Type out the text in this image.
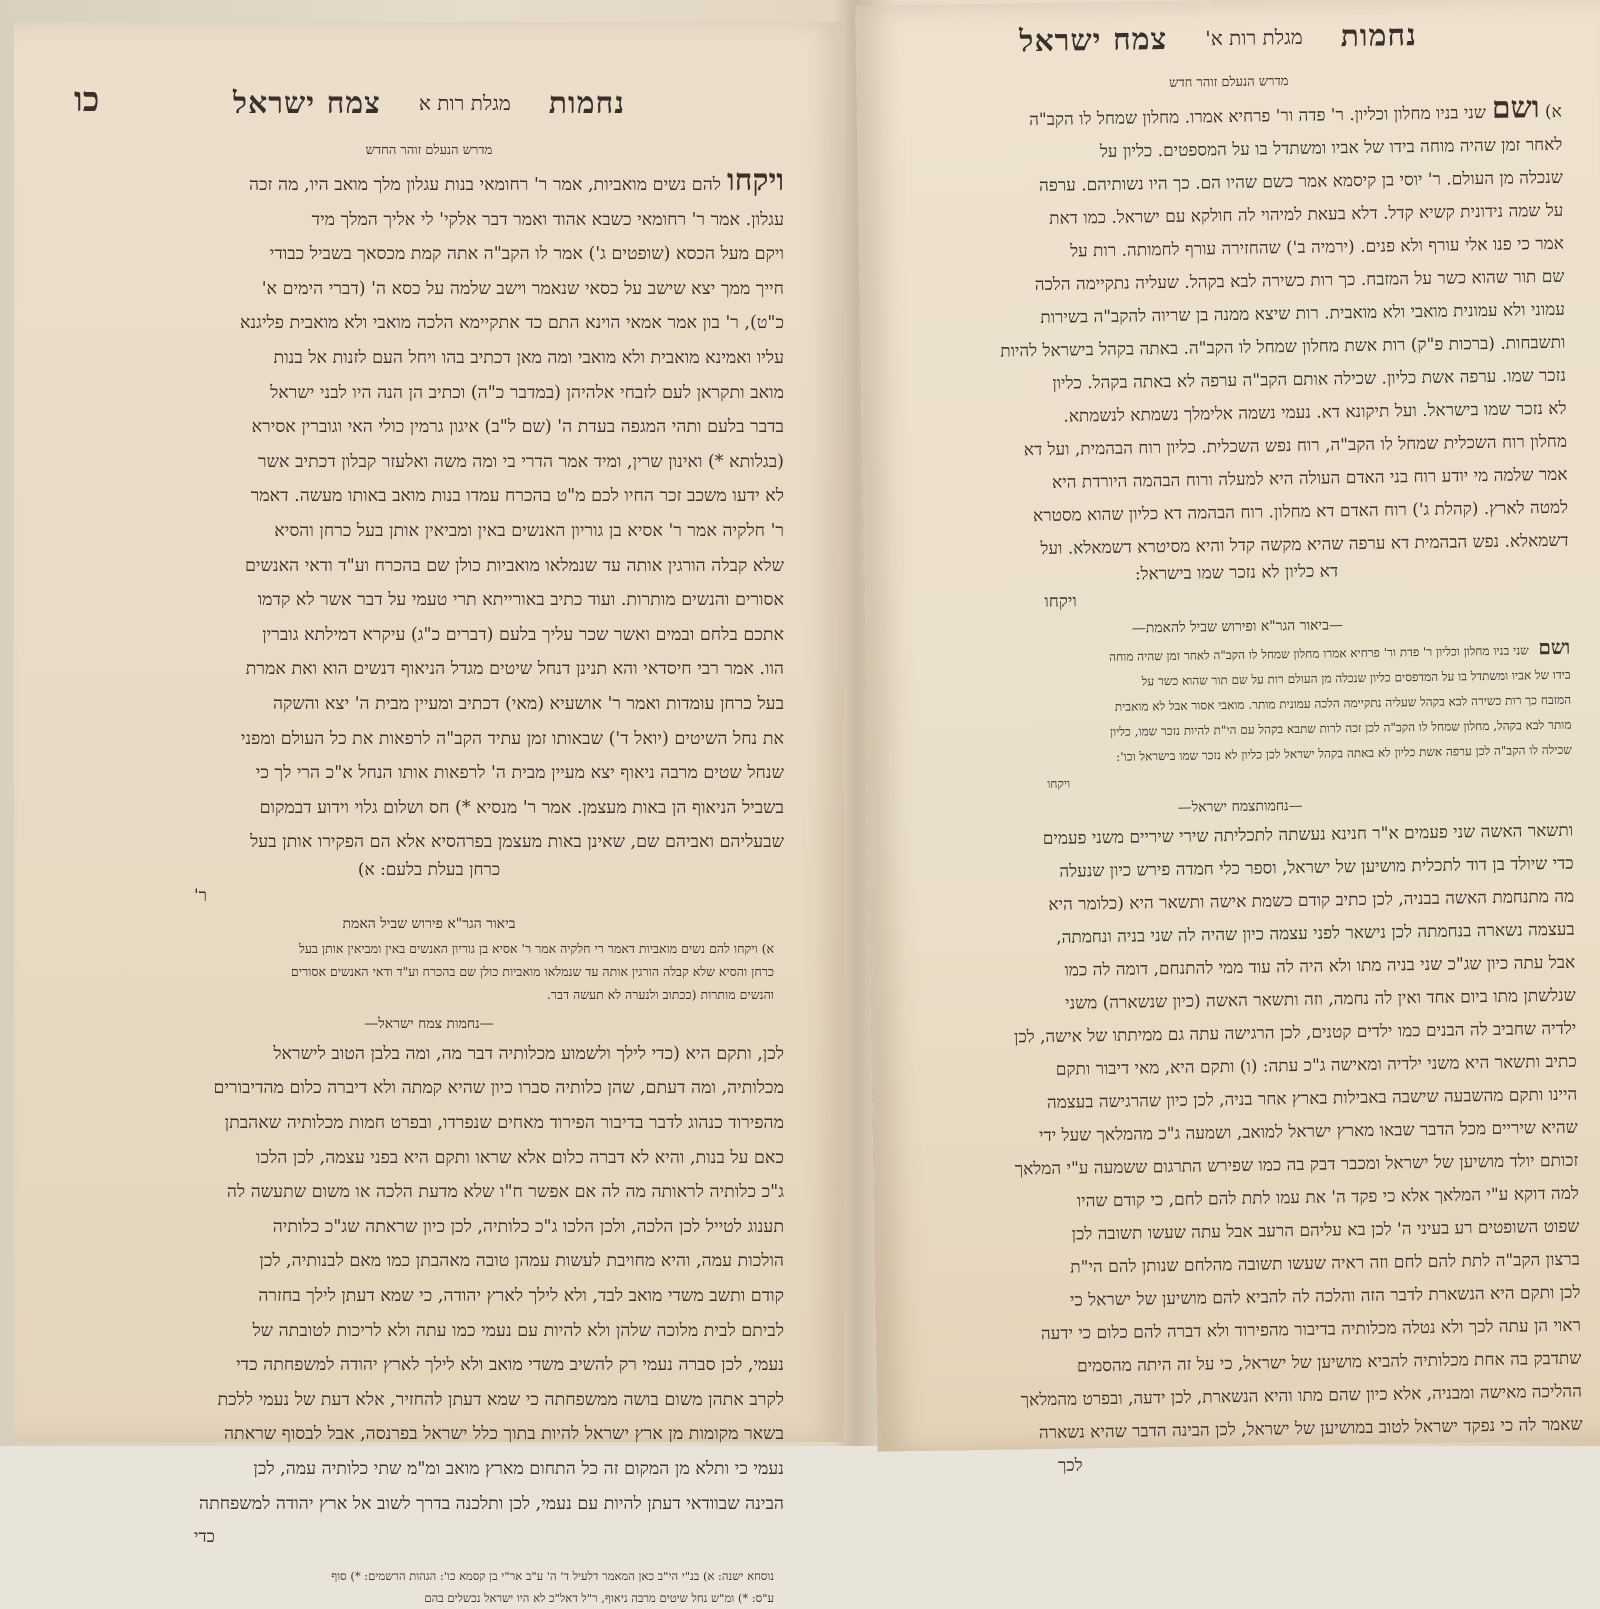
נחמות
מגלת רות א
צמח ישראל
כו
מדרש הנעלם זוהר החדש
ויקחולהם נשים מואביות, אמר ר' רחומאי בנות עגלון מלך מואב היו, מה זכה
עגלון. אמר ר' רחומאי כשבא אהוד ואמר דבר אלקי' לי אליך המלך מיד
ויקם מעל הכסא (שופטים ג') אמר לו הקב"ה אתה קמת מכסאך בשביל כבודי
חייך ממך יצא שישב על כסאי שנאמר וישב שלמה על כסא ה' (דברי הימים א'
כ"ט), ר' בון אמר אמאי הוינא התם כד אתקיימא הלכה מואבי ולא מואבית פליגנא
עליו ואמינא מואבית ולא מואבי ומה מאן דכתיב בהו ויחל העם לזנות אל בנות
מואב ותקראן לעם לזבחי אלהיהן (במדבר כ"ה) וכתיב הן הנה היו לבני ישראל
בדבר בלעם ותהי המגפה בעדת ה' (שם ל"ב) איגון גרמין כולי האי וגוברין אסירא
(בגלותא *) ואינון שרין, ומיד אמר הדרי בי ומה משה ואלעזר קבלון דכתיב אשר
לא ידעו משכב זכר החיו לכם מ"ט בהכרח עמדו בנות מואב באותו מעשה. דאמר
ר' חלקיה אמר ר' אסיא בן גוריון האנשים באין ומביאין אותן בעל כרחן והסיא
שלא קבלה הורגין אותה עד שנמלאו מואביות כולן שם בהכרח וע"ד ודאי האנשים
אסורים והנשים מותרות. ועוד כתיב באורייתא תרי טעמי על דבר אשר לא קדמו
אתכם בלחם ובמים ואשר שכר עליך בלעם (דברים כ"ג) עיקרא דמילתא גוברין
הוו. אמר רבי חיסדאי והא תנינן דנחל שיטים מגדל הניאוף דנשים הוא ואת אמרת
בעל כרחן עומדות ואמר ר' אושעיא (מאי) דכתיב ומעיין מבית ה' יצא והשקה
את נחל השיטים (יואל ד') שבאותו זמן עתיד הקב"ה לרפאות את כל העולם ומפני
שנחל שטים מרבה ניאוף יצא מעיין מבית ה' לרפאות אותו הנחל א"כ הרי לך כי
בשביל הניאוף הן באות מעצמן. אמר ר' מנסיא *) חס ושלום גלוי וידוע דבמקום
שבעליהם ואביהם שם, שאינן באות מעצמן בפרהסיא אלא הם הפקירו אותן בעל

כרחן בעלת בלעם: א)

ר'

ביאור הגר"א פירוש שביל האמת
א) ויקחו להם נשים מואביות דאמר רי חלקיה אמר ר' אסיא בן גוריון האנשים באין ומביאין אותן בעל
כרחן והסיא שלא קבלה הורגין אותה עד שנמלאו מואביות כולן שם בהכרח וע"ד ודאי האנשים אסורים
והנשים מותרות (ככתוב ולנערה לא תעשה דבר.
—נחמות צמח ישראל—
לכן, ותקם היא (כדי לילך ולשמוע מכלותיה דבר מה, ומה בלבן הטוב לישראל
מכלותיה, ומה דעתם, שהן כלותיה סברו כיון שהיא קמתה ולא דיברה כלום מהדיבורים
מהפירוד כנהוג לדבר בדיבור הפירוד מאחים שנפרדו, ובפרט חמות מכלותיה שאהבתן
כאם על בנות, והיא לא דברה כלום אלא שראו ותקם היא בפני עצמה, לכן הלכו
ג"כ כלותיה לראותה מה לה אם אפשר ח"ו שלא מדעת הלכה או משום שתעשה לה
תענוג לטייל לכן הלכה, ולכן הלכו ג"כ כלותיה, לכן כיון שראתה שג"כ כלותיה
הולכות עמה, והיא מחויבת לעשות עמהן טובה מאהבתן כמו מאם לבנותיה, לכן
קודם ותשב משדי מואב לבד, ולא לילך לארץ יהודה, כי שמא דעתן לילך בחזרה
לביתם לבית מלוכה שלהן ולא להיות עם נעמי כמו עתה ולא לריכות לטובתה של
נעמי, לכן סברה נעמי רק להשיב משדי מואב ולא לילך לארץ יהודה למשפחתה כדי
לקרב אתהן משום בושה ממשפחתה כי שמא דעתן להחזיר, אלא דעת של נעמי ללכת
בשאר מקומות מן ארץ ישראל להיות בתוך כלל ישראל בפרנסה, אבל לבסוף שראתה
נעמי כי ותלא מן המקום זה כל התחום מארץ מואב ומ"מ שתי כלותיה עמה, לכן
הבינה שבוודאי דעתן להיות עם נעמי, לכן ותלכנה בדרך לשוב אל ארץ יהודה למשפחתה

כדי

נוסחא ישנה: א) בנ"י הי"ב כאן המאמר דלעיל ד' ה' ע"ב אר"י בן קסמא כו': הגהות הרשמים: *) סוף
ע"ס: *) ומ"ש נחל שיטים מרבה ניאוף, ר"ל דאל"כ לא היו ישראל נכשלים בהם
נחמות
מגלת רות א'
צמח ישראל
מדרש הנעלם זוהר חדש
א) ושםשני בניו מחלון וכליון. ר' פדה ור' פרחיא אמרו. מחלון שמחל לו הקב"ה
לאחר זמן שהיה מוחה בידו של אביו ומשתדל בו על המספטים. כליון על
שנכלה מן העולם. ר' יוסי בן קיסמא אמר כשם שהיו הם. כך היו נשותיהם. ערפה
על שמה נידונית קשיא קדל. דלא בעאת למיהוי לה חולקא עם ישראל. כמו דאת
אמר כי פנו אלי עורף ולא פנים. (ירמיה ב') שהחזירה עורף לחמותה. רות על
שם תור שהוא כשר על המזבח. כך רות כשירה לבא בקהל. שעליה נתקיימה הלכה
עמוני ולא עמונית מואבי ולא מואבית. רות שיצא ממנה בן שריוה להקב"ה בשירות
ותשבחות. (ברכות פ"ק) רות אשת מחלון שמחל לו הקב"ה. באתה בקהל בישראל להיות
נזכר שמו. ערפה אשת כליון. שכילה אותם הקב"ה ערפה לא באתה בקהל. כליון
לא נזכר שמו בישראל. ועל תיקונא דא. נעמי נשמה אלימלך נשמתא לנשמתא.
מחלון רוח השכלית שמחל לו הקב"ה, רוח נפש השכלית. כליון רוח הבהמית, ועל דא
אמר שלמה מי יודע רוח בני האדם העולה היא למעלה ורוח הבהמה היורדת היא
למטה לארץ. (קהלת ג') רוח האדם דא מחלון. רוח הבהמה דא כליון שהוא מסטרא
דשמאלא. נפש הבהמית דא ערפה שהיא מקשה קדל והיא מסיטרא דשמאלא. ועל

דא כליון לא נזכר שמו בישראל:

ויקחו

—ביאור הגר"א ופירוש שביל להאמת—
ושם שני בניו מחלון וכליון ר' פדת ור' פרחיא אמרו מחלון שמחל לו הקב"ה לאחר זמן שהיה מוחה
בידו של אביו ומשתדל בו על המדפסים כליון שנכלה מן העולם רות על שם תור שהוא כשר על
המזבח כך רות כשירה לבא בקהל שעליה נתקיימה הלכה עמונית מותר. מואבי אסור אבל לא מואבית
מותר לבא בקהל, מחלון שמחל לו הקב"ה לכן זכה לרות שתבא בקהל עם הי"ת להיות נזכר שמו, כליון
שכילה לו הקב"ה לכן ערפה אשת כליון לא באתה בקהל ישראל לכן כליון לא נזכר שמו בישראל וכו':

ויקחו

—נחמותצמח ישראל—
ותשאר האשה שני פעמים א"ר חנינא נעשתה לתכליתה שירי שיריים משני פעמים
כדי שיולד בן דוד לתכלית מושיען של ישראל, וספר כלי חמדה פירש כיון שנעלה
מה מתנחמת האשה בבניה, לכן כתיב קודם כשמת אישה ותשאר היא (כלומר היא
בעצמה נשארה בנחמתה לכן נישאר לפני עצמה כיון שהיה לה שני בניה ונחמתה,
אבל עתה כיון שג"כ שני בניה מתו ולא היה לה עוד ממי להתנחם, דומה לה כמו
שנלשתן מתו ביום אחד ואין לה נחמה, וזה ותשאר האשה (כיון שנשארה) משני
ילדיה שחביב לה הבנים כמו ילדים קטנים, לכן הרגישה עתה גם ממיתתו של אישה, לכן
כתיב ותשאר היא משני ילדיה ומאישה ג"כ עתה: (ו) ותקם היא, מאי דיבור ותקם
היינו ותקם מהשבעה שישבה באבילות בארץ אחר בניה, לכן כיון שהרגישה בעצמה
שהיא שיריים מכל הדבר שבאו מארץ ישראל למואב, ושמעה ג"כ מהמלאך שעל ידי
זכותם יולד מושיען של ישראל ומכבר דבק בה כמו שפירש התרגום ששמעה ע"י המלאך
למה דוקא ע"י המלאך אלא כי פקד ה' את עמו לתת להם לחם, כי קודם שהיו
שפוט השופטים רע בעיני ה' לכן בא עליהם הרעב אבל עתה שעשו תשובה לכן
ברצון הקב"ה לתת להם לחם וזה ראיה שעשו תשובה מהלחם שנותן להם הי"ת
לכן ותקם היא הנשארת לדבר הזה והלכה לה להביא להם מושיען של ישראל כי
ראוי הן עתה לכך ולא נטלה מכלותיה בדיבור מהפירוד ולא דברה להם כלום כי ידעה
שתדבק בה אחת מכלותיה להביא מושיען של ישראל, כי על זה היתה מהסמים
ההליכה מאישה ומבניה, אלא כיון שהם מתו והיא הנשארת, לכן ידעה, ובפרט מהמלאך
שאמר לה כי נפקד ישראל לטוב במושיען של ישראל, לכן הבינה הדבר שהיא נשארה

לכך
